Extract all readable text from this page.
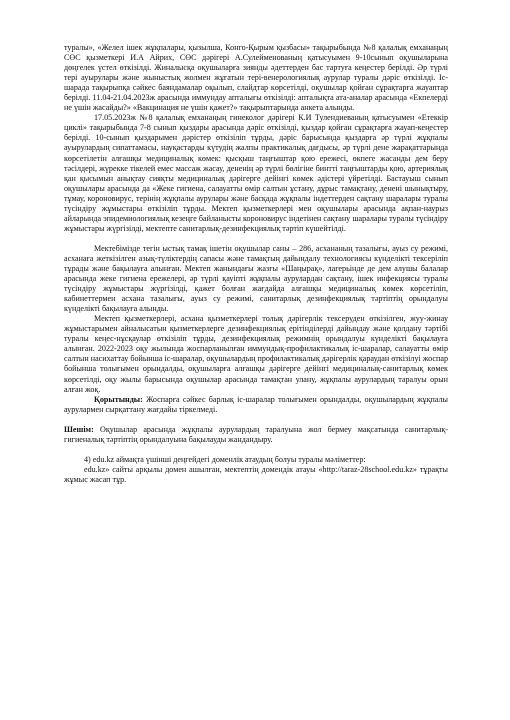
туралы», «Желел ішек жұқпалары, қызылша, Конго-Қырым қызбасы» тақырыбында №8 қалалық емханаңың СӨС қызметкері И.А Айрих, СӨС дәрігері А.Сулейменованың қатысуымен 9-10сынып оқушыларына дөңгелек үстел өткізілді. Жиналысқа оқушыларға зиянды әдеттерден бас тартуға кеңестер берілді. Әр түрлі тері ауырулары және жыныстық жолмен жұғатын тері-венерологиялық аурулар туралы дәріс өткізілді. Іс-шарада тақырыпқа сәйкес баяндамалар оқылып, слайдтар көрсетілді, оқушылар қойған сұрақтарға жауаптар берілді. 11.04-21.04.2023ж арасында иммундау апталығы өткізілді: апталықта ата-аналар арасында «Екпелерді не үшін жасайды?» «Вакцинация не үшін қажет?» тақырыптарында анкета алынды.

17.05.2023ж №8 қалалық емханаңың гинеколог дәрігері К.И Тулендиеваның қатысуымен «Етеккір циклі» тақырыбында 7-8 сынып қыздары арасында дәріс өткізілді, қыздар қойған сұрақтарға жауап-кеңестер берілді. 10-сынып қыздарымен дәрістер өткізіліп тұрды, дәріс барысында қыздарға әр түрлі жұқпалы ауырулардың сипаттамасы, науқастарды күтудің жалпы практикалық дағдысы, әр түрлі дене жарақаттарында көрсетілетін алғашқы медициналық көмек: қысқыш таңғыштар қою ережесі, өкпеге жасанды дем беру тәсілдері, жүрекке тікелей емес массаж жасау, дененің әр түрлі бөлігіне бинтті таңғыштарды қою, артериялық қан қысымын анықтау сияқты медициналық дәрігерге дейінгі көмек әдістері үйретілді. Бастауыш сынып оқушылары арасында да «Жеке гигиена, салауатты өмір салтын ұстану, дұрыс тамақтану, денені шынықтыру, тұмау, короновирус, терінің жұқпалы аурулары және басқада жұқпалы індеттерден сақтану шаралары туралы түсіндіру жұмыстары өткізіліп тұрды. Мектеп қызметкерлері мен оқушылары арасында ақпан-наурыз айларында эпидемиологиялық кезеңге байланысты короновирус індетінен сақтану шаралары туралы түсіндіру жұмыстары жүргізілді, мектепте санитарлық-дезинфекциялық тәртіп күшейтілді.

Мектебімізде тегін ыстық тамақ ішетін оқушылар саны – 286, асхананың тазалығы, ауыз су режимі, асханаға жеткізілген азық-түліктердің сапасы және тамақтың дайындалу технологиясы күнделікті тексеріліп тұрады және бақылауға алынған. Мектеп жанындағы жазғы «Шаңырақ», лагерьінде де дем алушы балалар арасында жеке гигиена ережелері, әр түрлі қауіпті жұқпалы аурулардан сақтану, ішек инфекциясы туралы түсіндіру жұмыстары жүргізілді, қажет болған жағдайда алғашқы медициналық көмек көрсетіліп, кабинеттермен асхана тазалығы, ауыз су режимі, санитарлық дезинфекциялық тәртіптің орындалуы күнделікті бақылауға алынды.

Мектеп қызметкерлері, асхана қызметкерлері толық дәрігерлік тексеруден өткізілген, жуу-жинау жұмыстарымен айналысатын қызметкерлерге дезинфекциялық ерітінділерді дайындау және қолдану тәртібі туралы кеңес-нұсқаулар өткізіліп тұрды, дезинфекциялық режимнің орындалуы күнделікті бақылауға алынған. 2022-2023 оқу жылында жоспарланылған иммундық-профилактикалық іс-шаралар, салауатты өмір салтын насихаттау бойынша іс-шаралар, оқушылардың профилактикалық дәрігерлік қараудан өткізілуі жоспар бойынша толығымен орындалды, оқушыларға алғашқы дәрігерге дейінгі медициналық-санитарлық көмек көрсетілді, оқу жылы барысында оқушылар арасында тамақтан улану, жұқпалы аурулардың таралуы орын алған жоқ.

Қорытынды: Жоспарға сәйкес барлық іс-шаралар толығымен орындалды, оқушылардың жұқпалы аурулармен сырқаттану жағдайы тіркелмеді.

Шешім: Оқушылар арасында жұқпалы аурулардың таралуына жол бермеу мақсатында санитарлық-гигиеналық тәртіптің орындалуына бақылауды жандандыру.

4) edu.kz аймақта үшінші деңгейдегі доменлік атаудың болуы туралы мәліметтер:

edu.kz» сайты арқылы домен ашылған, мектептің домендік атауы «http://taraz-28school.edu.kz» тұрақты жұмыс жасап тұр.
